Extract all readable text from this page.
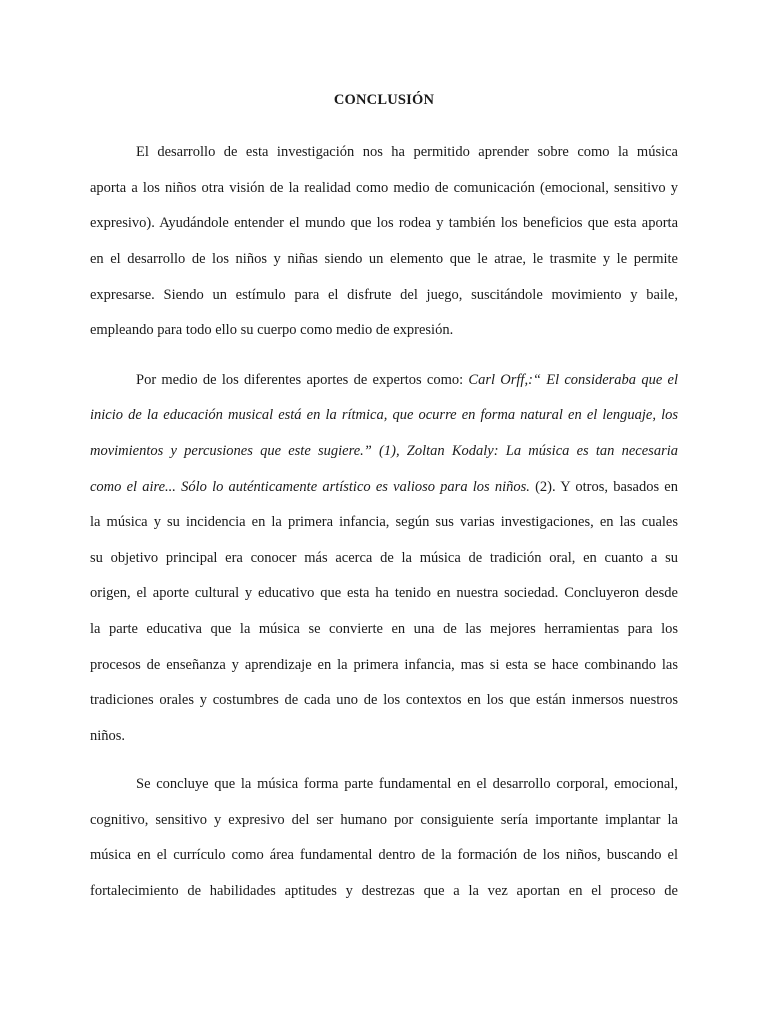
CONCLUSIÓN
El desarrollo de esta investigación nos ha permitido aprender sobre como la música
aporta a los niños otra visión de la realidad como medio de comunicación (emocional, sensitivo y
expresivo). Ayudándole entender el mundo que los rodea y también los beneficios que esta aporta
en el desarrollo de los niños y niñas siendo un elemento que le atrae, le trasmite y le permite
expresarse. Siendo un estímulo para el disfrute del juego, suscitándole movimiento y baile,
empleando para todo ello su cuerpo como medio de expresión.
Por medio de los diferentes aportes de expertos como: Carl Orff,:“ El consideraba que el
inicio de la educación musical está en la rítmica, que ocurre en forma natural en el lenguaje, los
movimientos y percusiones que este sugiere.” (1), Zoltan Kodaly: La música es tan necesaria
como el aire... Sólo lo auténticamente artístico es valioso para los niños. (2). Y otros, basados en
la música y su incidencia en la primera infancia, según sus varias investigaciones, en las cuales
su objetivo principal era conocer más acerca de la música de tradición oral, en cuanto a su
origen, el aporte cultural y educativo que esta ha tenido en nuestra sociedad. Concluyeron desde
la parte educativa que la música se convierte en una de las mejores herramientas para los
procesos de enseñanza y aprendizaje en la primera infancia, mas si esta se hace combinando las
tradiciones orales y costumbres de cada uno de los contextos en los que están inmersos nuestros
niños.
Se concluye que la música forma parte fundamental en el desarrollo corporal, emocional,
cognitivo, sensitivo y expresivo del ser humano por consiguiente sería importante implantar la
música en el currículo como área fundamental dentro de la formación de los niños, buscando el
fortalecimiento de habilidades aptitudes y destrezas que a la vez aportan en el proceso de
